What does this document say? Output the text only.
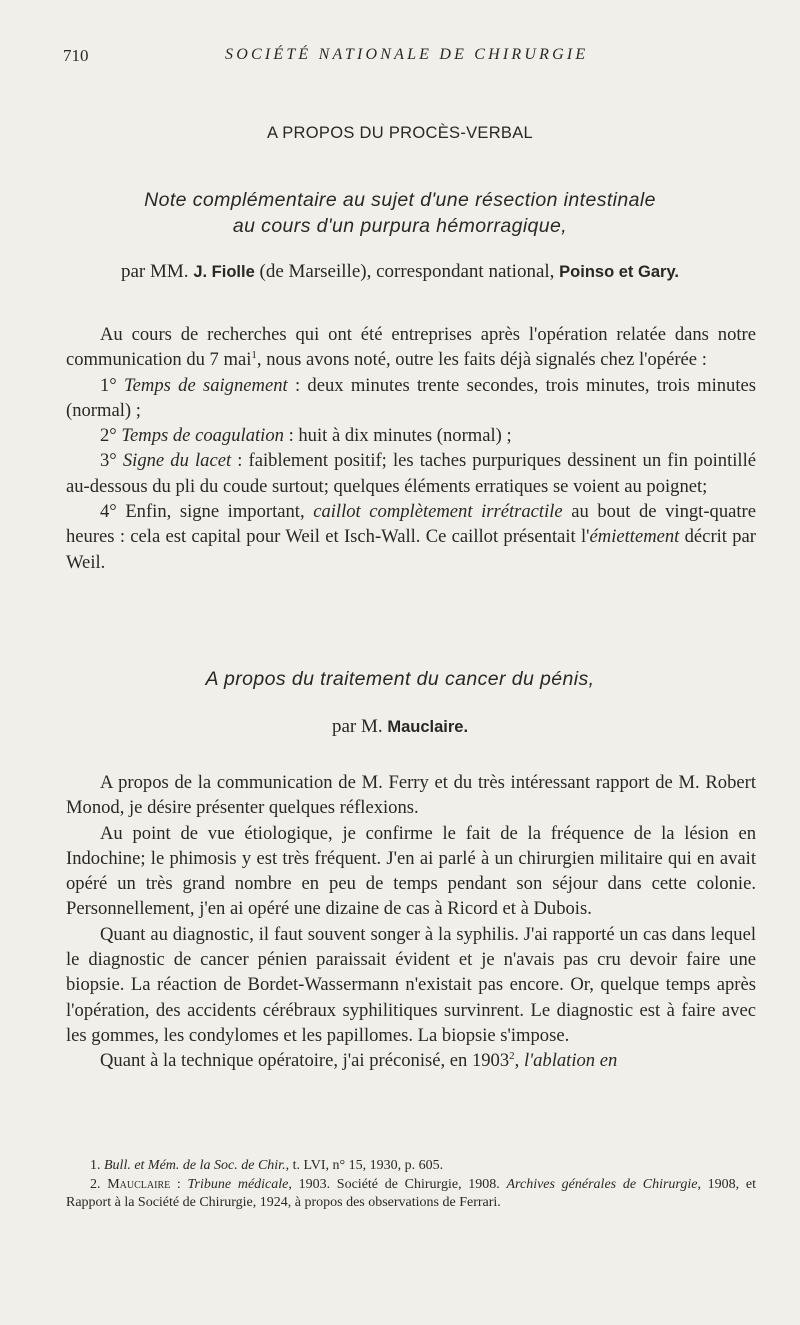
710	SOCIÉTÉ NATIONALE DE CHIRURGIE
A PROPOS DU PROCÈS-VERBAL
Note complémentaire au sujet d'une résection intestinale
au cours d'un purpura hémorragique,
par MM. J. Fiolle (de Marseille), correspondant national, Poinso et Gary.

Au cours de recherches qui ont été entreprises après l'opération relatée dans notre communication du 7 mai$^1$, nous avons noté, outre les faits déjà signalés chez l'opérée :

1° Temps de saignement : deux minutes trente secondes, trois minutes, trois minutes (normal) ;

2° Temps de coagulation : huit à dix minutes (normal) ;

3° Signe du lacet : faiblement positif; les taches purpuriques dessinent un fin pointillé au-dessous du pli du coude surtout; quelques éléments erratiques se voient au poignet;

4° Enfin, signe important, caillot complètement irrétractile au bout de vingt-quatre heures : cela est capital pour Weil et Isch-Wall. Ce caillot présentait l'émiettement décrit par Weil.

A propos du traitement du cancer du pénis,
par M. Mauclaire.

A propos de la communication de M. Ferry et du très intéressant rapport de M. Robert Monod, je désire présenter quelques réflexions.

Au point de vue étiologique, je confirme le fait de la fréquence de la lésion en Indochine; le phimosis y est très fréquent. J'en ai parlé à un chirurgien militaire qui en avait opéré un très grand nombre en peu de temps pendant son séjour dans cette colonie. Personnellement, j'en ai opéré une dizaine de cas à Ricord et à Dubois.

Quant au diagnostic, il faut souvent songer à la syphilis. J'ai rapporté un cas dans lequel le diagnostic de cancer pénien paraissait évident et je n'avais pas cru devoir faire une biopsie. La réaction de Bordet-Wassermann n'existait pas encore. Or, quelque temps après l'opération, des accidents cérébraux syphilitiques survinrent. Le diagnostic est à faire avec les gommes, les condylomes et les papillomes. La biopsie s'impose.

Quant à la technique opératoire, j'ai préconisé, en 1903$^2$, l'ablation en

1. Bull. et Mém. de la Soc. de Chir., t. LVI, n° 15, 1930, p. 605.

2. Mauclaire : Tribune médicale, 1903. Société de Chirurgie, 1908. Archives générales de Chirurgie, 1908, et Rapport à la Société de Chirurgie, 1924, à propos des observations de Ferrari.
